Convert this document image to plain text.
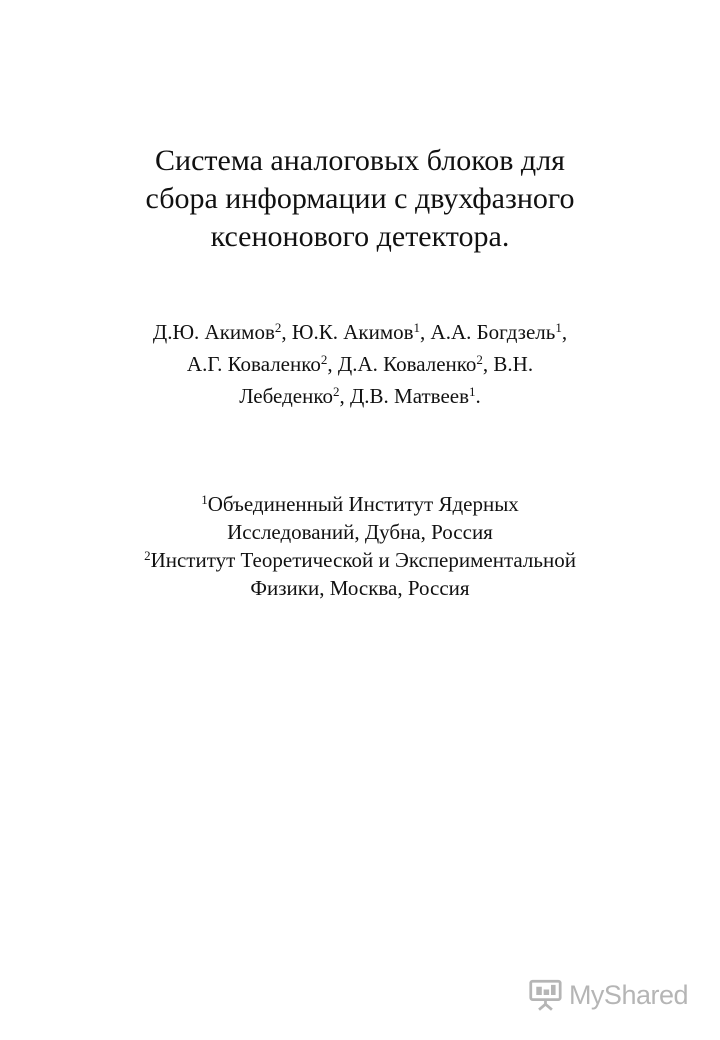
Система аналоговых блоков для
сбора информации с двухфазного
ксенонового детектора.
Д.Ю. Акимов$^2$, Ю.К. Акимов$^1$, А.А. Богдзель$^1$,
А.Г. Коваленко$^2$, Д.А. Коваленко$^2$, В.Н.
Лебеденко$^2$, Д.В. Матвеев$^1$.
$^1$Объединенный Институт Ядерных
Исследований, Дубна, Россия
$^2$Институт Теоретической и Экспериментальной
Физики, Москва, Россия
MyShared
